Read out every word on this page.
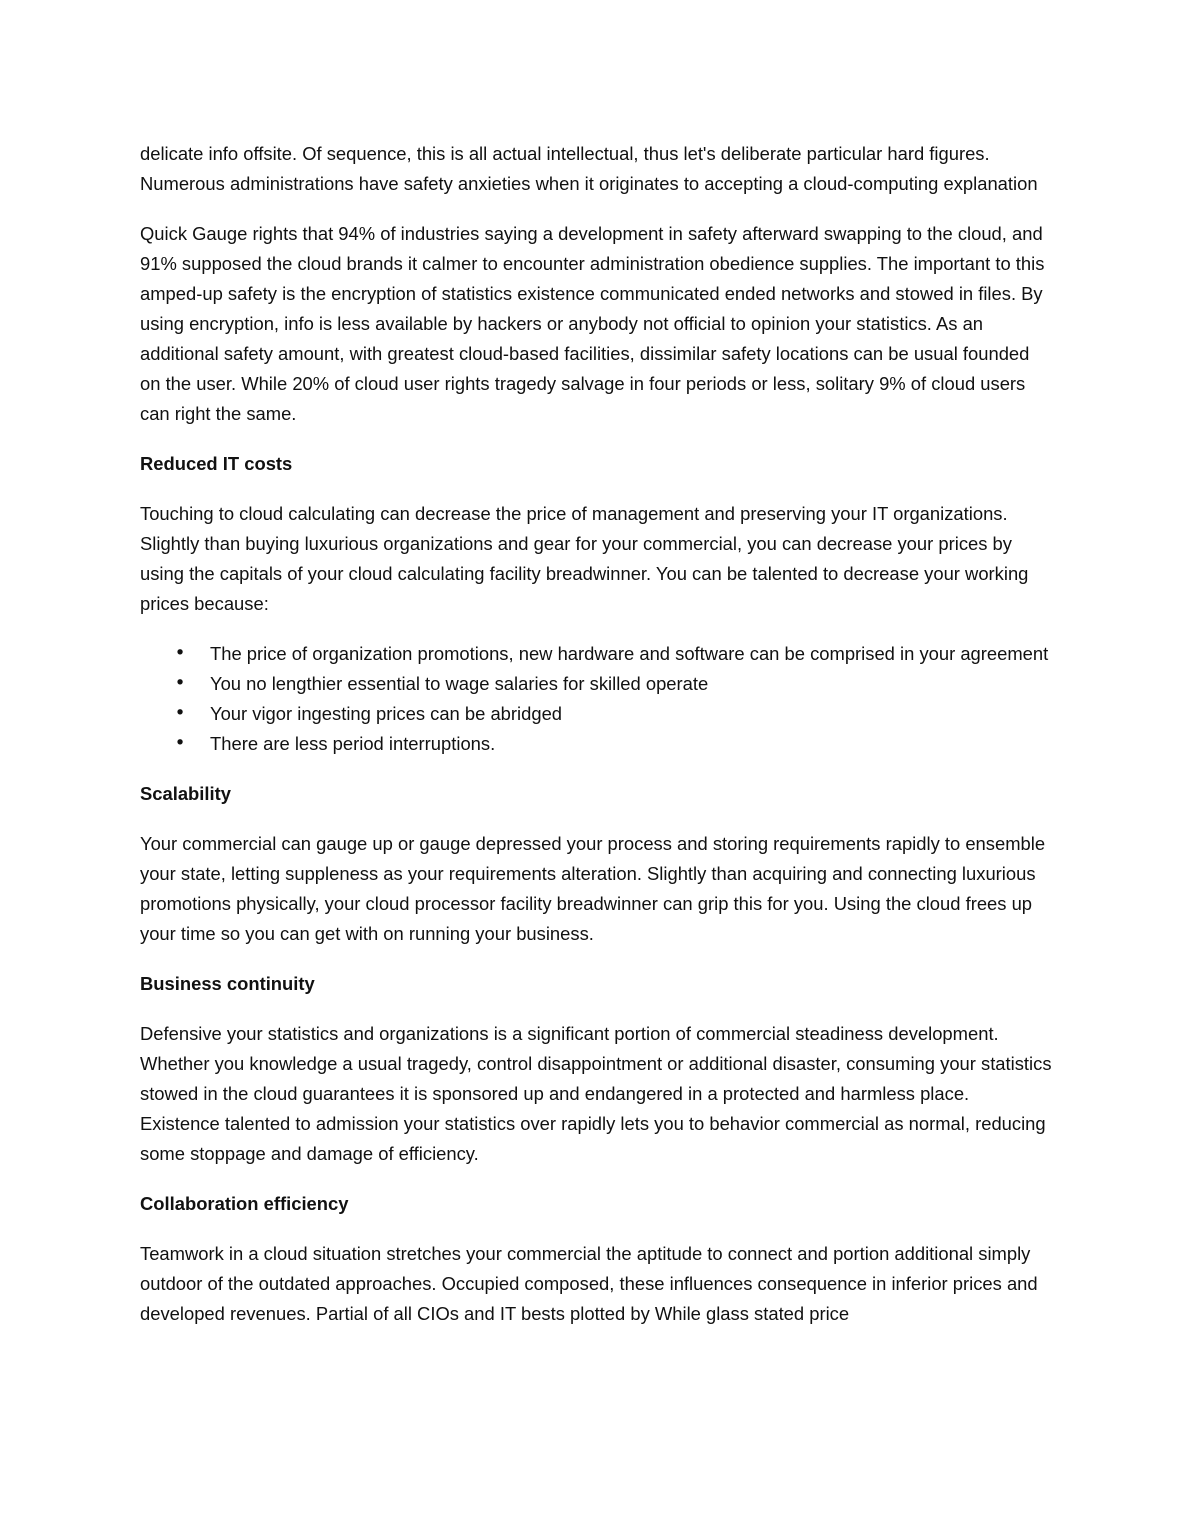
delicate info offsite. Of sequence, this is all actual intellectual, thus let's deliberate particular hard figures. Numerous administrations have safety anxieties when it originates to accepting a cloud-computing explanation

Quick Gauge rights that 94% of industries saying a development in safety afterward swapping to the cloud, and 91% supposed the cloud brands it calmer to encounter administration obedience supplies. The important to this amped-up safety is the encryption of statistics existence communicated ended networks and stowed in files. By using encryption, info is less available by hackers or anybody not official to opinion your statistics. As an additional safety amount, with greatest cloud-based facilities, dissimilar safety locations can be usual founded on the user. While 20% of cloud user rights tragedy salvage in four periods or less, solitary 9% of cloud users can right the same.

Reduced IT costs

Touching to cloud calculating can decrease the price of management and preserving your IT organizations. Slightly than buying luxurious organizations and gear for your commercial, you can decrease your prices by using the capitals of your cloud calculating facility breadwinner. You can be talented to decrease your working prices because:

• The price of organization promotions, new hardware and software can be comprised in your agreement
• You no lengthier essential to wage salaries for skilled operate
• Your vigor ingesting prices can be abridged
• There are less period interruptions.
Scalability

Your commercial can gauge up or gauge depressed your process and storing requirements rapidly to ensemble your state, letting suppleness as your requirements alteration. Slightly than acquiring and connecting luxurious promotions physically, your cloud processor facility breadwinner can grip this for you. Using the cloud frees up your time so you can get with on running your business.

Business continuity

Defensive your statistics and organizations is a significant portion of commercial steadiness development. Whether you knowledge a usual tragedy, control disappointment or additional disaster, consuming your statistics stowed in the cloud guarantees it is sponsored up and endangered in a protected and harmless place. Existence talented to admission your statistics over rapidly lets you to behavior commercial as normal, reducing some stoppage and damage of efficiency.

Collaboration efficiency

Teamwork in a cloud situation stretches your commercial the aptitude to connect and portion additional simply outdoor of the outdated approaches. Occupied composed, these influences consequence in inferior prices and developed revenues. Partial of all CIOs and IT bests plotted by While glass stated price
